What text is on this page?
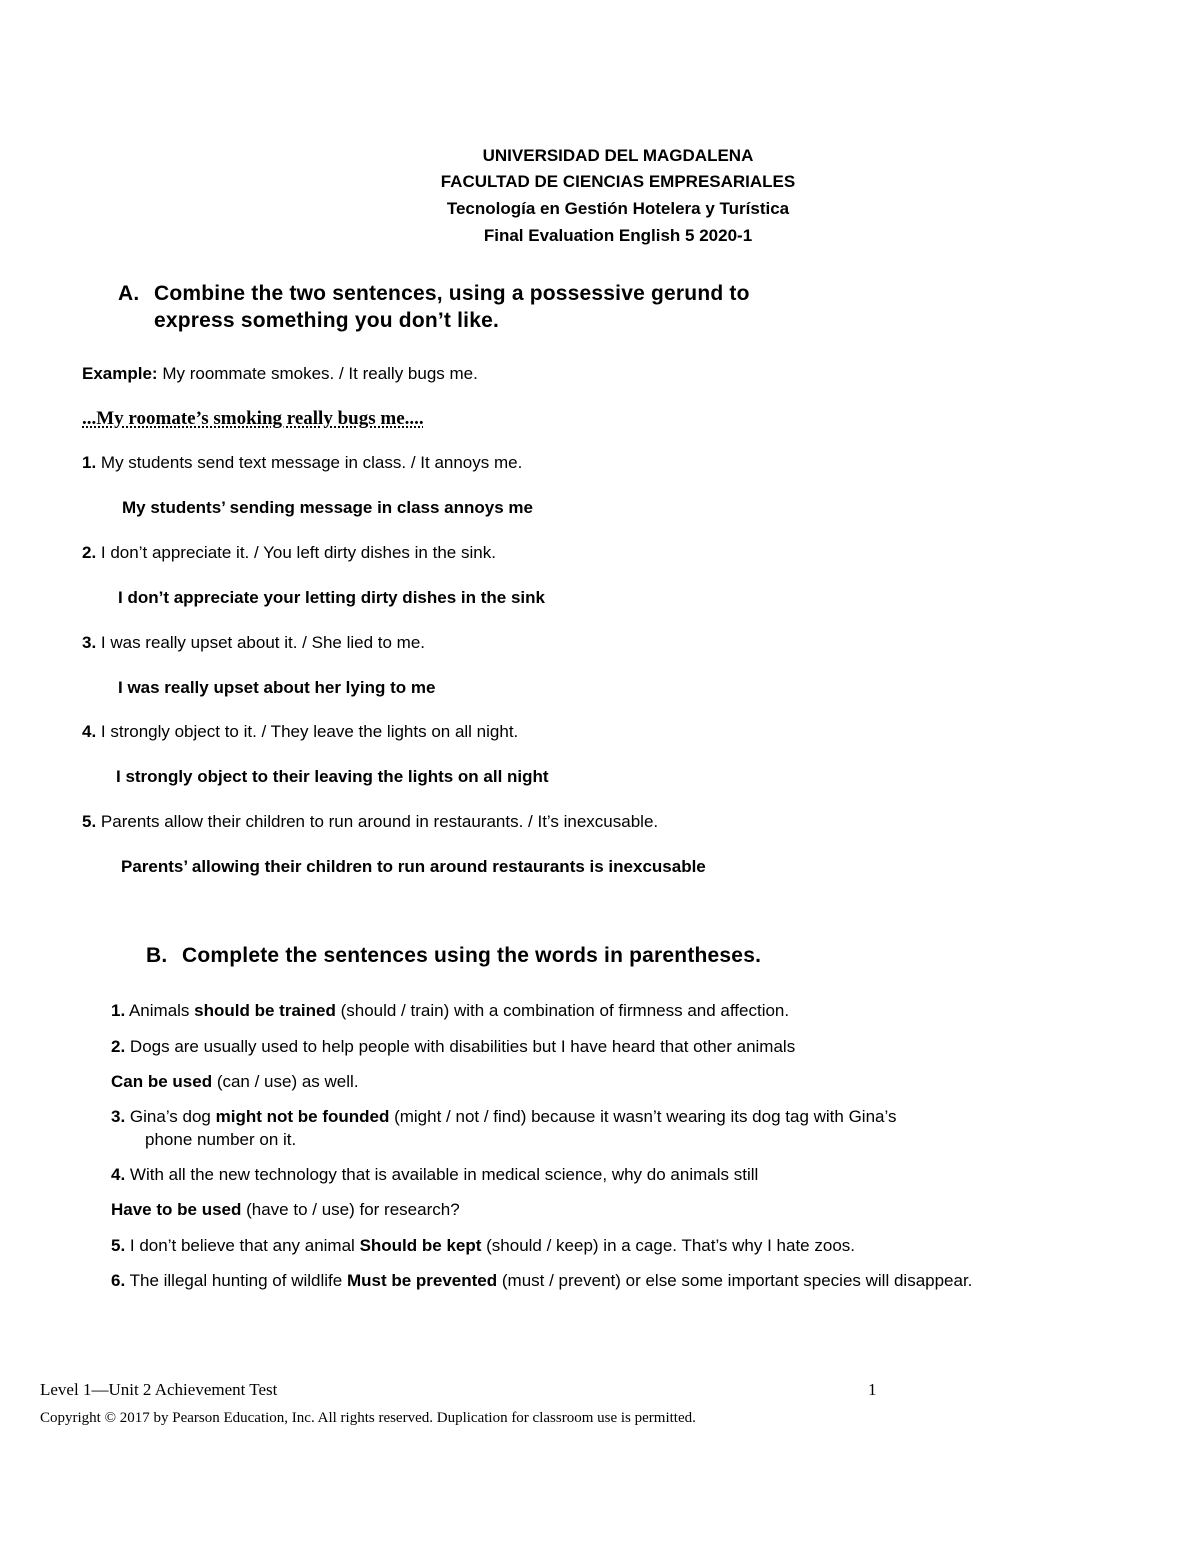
UNIVERSIDAD DEL MAGDALENA
FACULTAD DE CIENCIAS EMPRESARIALES
Tecnología en Gestión Hotelera y Turística
Final Evaluation English 5 2020-1
A. Combine the two sentences, using a possessive gerund to
express something you don’t like.
Example: My roommate smokes. / It really bugs me.
...My roomate’s smoking really bugs me....
1. My students send text message in class. / It annoys me.
My students’ sending message in class annoys me
2. I don’t appreciate it. / You left dirty dishes in the sink.
I don’t appreciate your letting dirty dishes in the sink
3. I was really upset about it. / She lied to me.
I was really upset about her lying to me
4. I strongly object to it. / They leave the lights on all night.
I strongly object to their leaving the lights on all night
5. Parents allow their children to run around in restaurants. / It’s inexcusable.
Parents’ allowing their children to run around restaurants is inexcusable
B. Complete the sentences using the words in parentheses.
1. Animals should be trained (should / train) with a combination of firmness and affection.
2. Dogs are usually used to help people with disabilities but I have heard that other animals
Can be used (can / use) as well.
3. Gina’s dog might not be founded (might / not / find) because it wasn’t wearing its dog tag with Gina’s
phone number on it.
4. With all the new technology that is available in medical science, why do animals still
Have to be used (have to / use) for research?
5. I don’t believe that any animal Should be kept (should / keep) in a cage. That’s why I hate zoos.
6. The illegal hunting of wildlife Must be prevented (must / prevent) or else some important species will disappear.
Level 1—Unit 2 Achievement Test	1
Copyright © 2017 by Pearson Education, Inc. All rights reserved. Duplication for classroom use is permitted.
